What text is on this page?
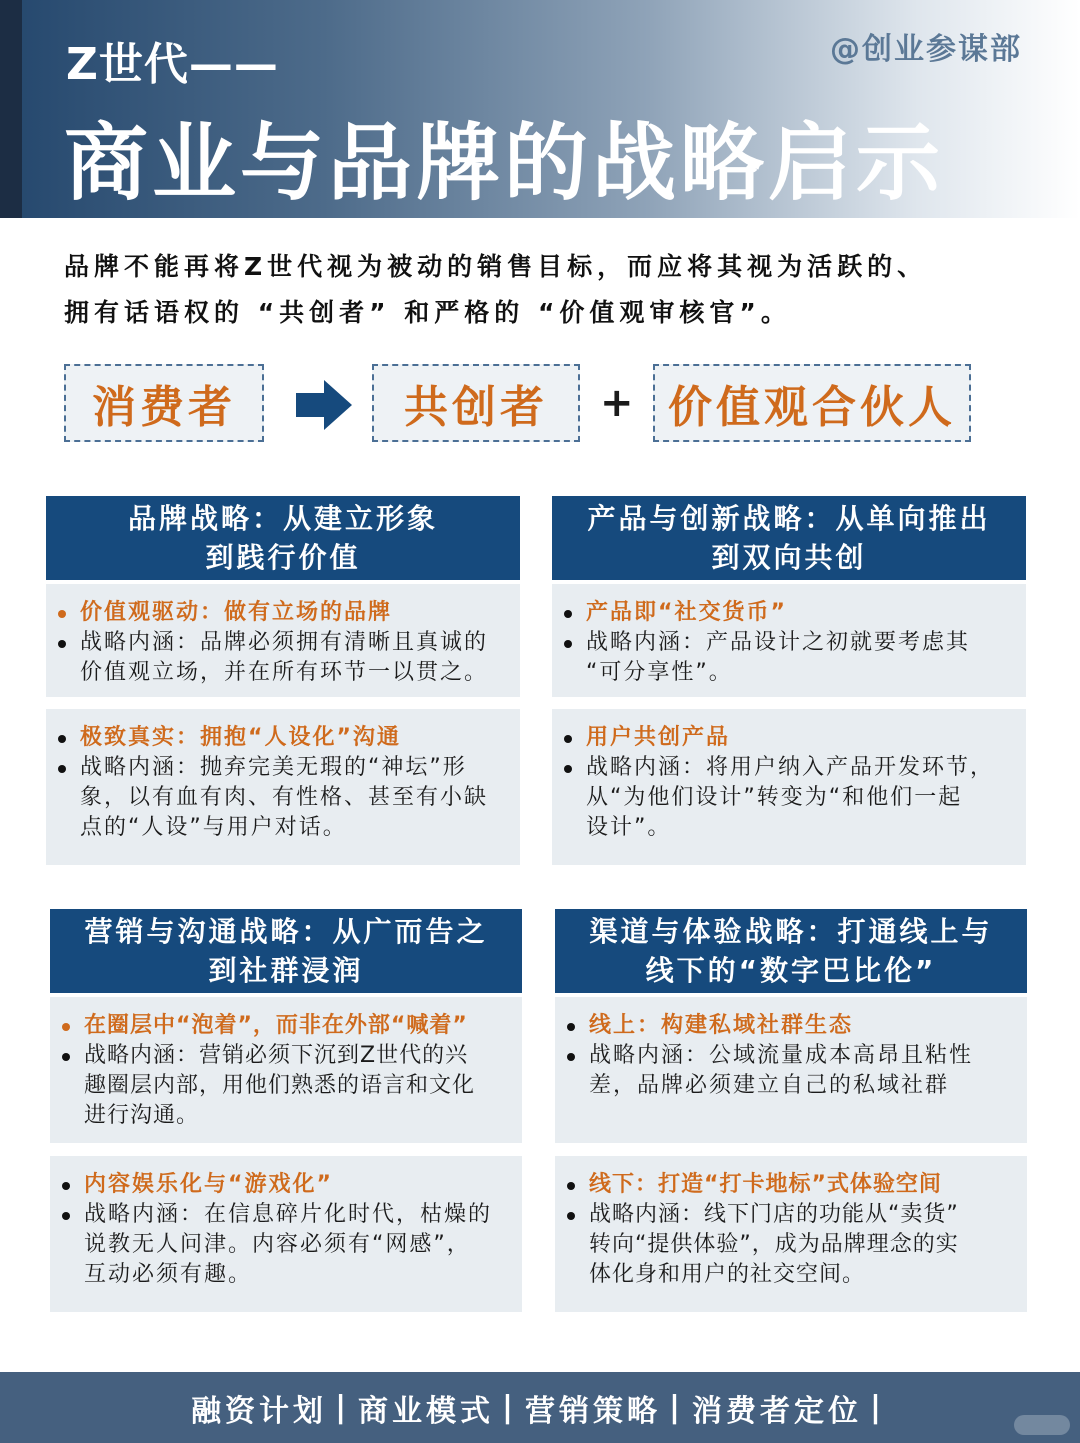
Z世代——	@创业参谋部
商业与品牌的战略启示
品牌不能再将Z世代视为被动的销售目标，而应将其视为活跃的、
拥有话语权的 “共创者” 和严格的 “价值观审核官”。
消费者	共创者	+ 价值观合伙人
品牌战略：从建立形象
到践行价值
价值观驱动：做有立场的品牌
战略内涵：品牌必须拥有清晰且真诚的
价值观立场，并在所有环节一以贯之。
极致真实：拥抱“人设化”沟通
战略内涵：抛弃完美无瑕的“神坛”形
象，以有血有肉、有性格、甚至有小缺
点的“人设”与用户对话。
产品与创新战略：从单向推出
到双向共创
产品即“社交货币”
战略内涵：产品设计之初就要考虑其
“可分享性”。
用户共创产品
战略内涵：将用户纳入产品开发环节，
从“为他们设计”转变为“和他们一起
设计”。
营销与沟通战略：从广而告之
到社群浸润
在圈层中“泡着”，而非在外部“喊着”
战略内涵：营销必须下沉到Z世代的兴
趣圈层内部，用他们熟悉的语言和文化
进行沟通。
内容娱乐化与“游戏化”
战略内涵：在信息碎片化时代，枯燥的
说教无人问津。内容必须有“网感”，
互动必须有趣。
渠道与体验战略：打通线上与
线下的“数字巴比伦”
线上：构建私域社群生态
战略内涵：公域流量成本高昂且粘性
差，品牌必须建立自己的私域社群
线下：打造“打卡地标”式体验空间
战略内涵：线下门店的功能从“卖货”
转向“提供体验”，成为品牌理念的实
体化身和用户的社交空间。
融资计划 | 商业模式 | 营销策略 | 消费者定位 |
